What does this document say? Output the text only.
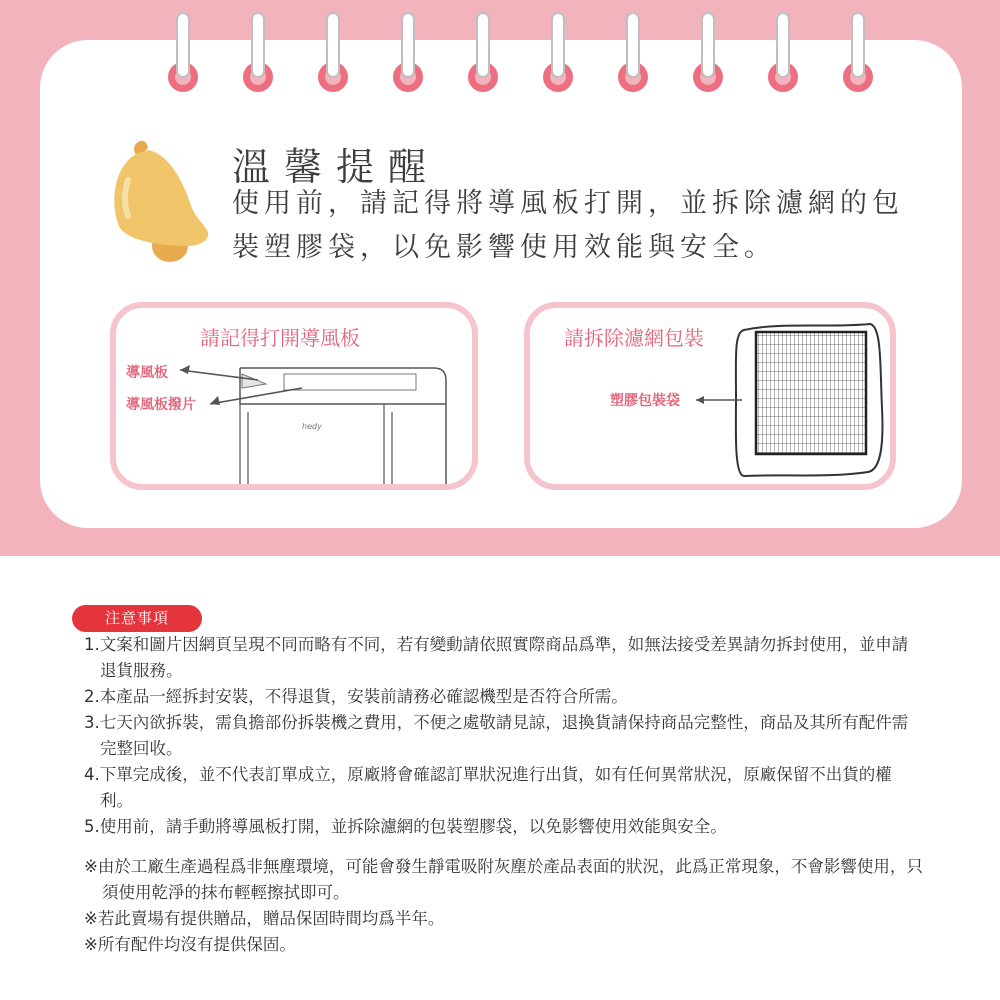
溫馨提醒

使用前，請記得將導風板打開，並拆除濾網的包裝塑膠袋，以免影響使用效能與安全。

請記得打開導風板
導風板
導風板撥片
hedy
請拆除濾網包裝
塑膠包裝袋
注意事項
1.文案和圖片因網頁呈現不同而略有不同，若有變動請依照實際商品爲準，如無法接受差異請勿拆封使用，並申請退貨服務。
2.本產品一經拆封安裝，不得退貨，安裝前請務必確認機型是否符合所需。
3.七天內欲拆裝，需負擔部份拆裝機之費用，不便之處敬請見諒，退換貨請保持商品完整性，商品及其所有配件需完整回收。
4.下單完成後，並不代表訂單成立，原廠將會確認訂單狀況進行出貨，如有任何異常狀況，原廠保留不出貨的權利。
5.使用前，請手動將導風板打開，並拆除濾網的包裝塑膠袋，以免影響使用效能與安全。
※由於工廠生產過程爲非無塵環境，可能會發生靜電吸附灰塵於產品表面的狀況，此爲正常現象，不會影響使用，只須使用乾淨的抹布輕輕擦拭即可。
※若此賣場有提供贈品，贈品保固時間均爲半年。
※所有配件均沒有提供保固。
